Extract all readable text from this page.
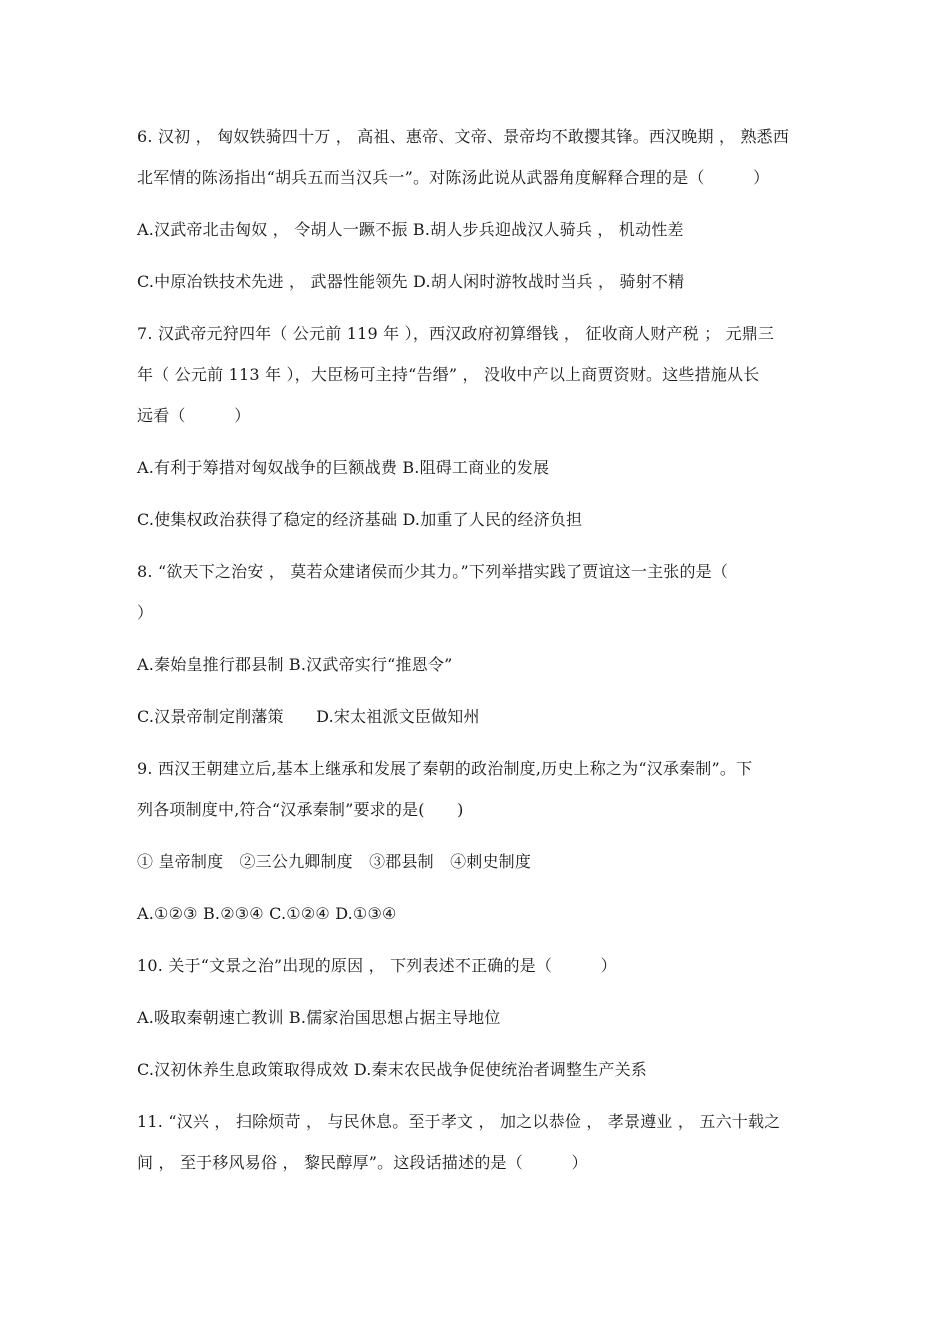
6. 汉初 ， 匈奴铁骑四十万 ， 高祖、惠帝、文帝、景帝均不敢撄其锋。西汉晚期 ， 熟悉西
北军情的陈汤指出“胡兵五而当汉兵一”。对陈汤此说从武器角度解释合理的是（　　　）
A.汉武帝北击匈奴 ， 令胡人一蹶不振 B.胡人步兵迎战汉人骑兵 ， 机动性差
C.中原冶铁技术先进 ， 武器性能领先 D.胡人闲时游牧战时当兵 ， 骑射不精
7. 汉武帝元狩四年（ 公元前 119 年 ），西汉政府初算缗钱 ， 征收商人财产税 ； 元鼎三
年（ 公元前 113 年 ），大臣杨可主持“告缗” ， 没收中产以上商贾资财。这些措施从长
远看（　　　）
A.有利于筹措对匈奴战争的巨额战费 B.阻碍工商业的发展
C.使集权政治获得了稳定的经济基础 D.加重了人民的经济负担
8. “欲天下之治安 ， 莫若众建诸侯而少其力。”下列举措实践了贾谊这一主张的是（
）
A.秦始皇推行郡县制 B.汉武帝实行“推恩令”
C.汉景帝制定削藩策　　D.宋太祖派文臣做知州
9. 西汉王朝建立后,基本上继承和发展了秦朝的政治制度,历史上称之为“汉承秦制”。下
列各项制度中,符合“汉承秦制”要求的是(　　)
① 皇帝制度　②三公九卿制度　③郡县制　④刺史制度
A.①②③ B.②③④ C.①②④ D.①③④
10. 关于“文景之治”出现的原因 ， 下列表述不正确的是（　　　）
A.吸取秦朝速亡教训 B.儒家治国思想占据主导地位
C.汉初休养生息政策取得成效 D.秦末农民战争促使统治者调整生产关系
11. “汉兴 ， 扫除烦苛 ， 与民休息。至于孝文 ， 加之以恭俭 ， 孝景遵业 ， 五六十载之
间 ， 至于移风易俗 ， 黎民醇厚”。这段话描述的是（　　　）
